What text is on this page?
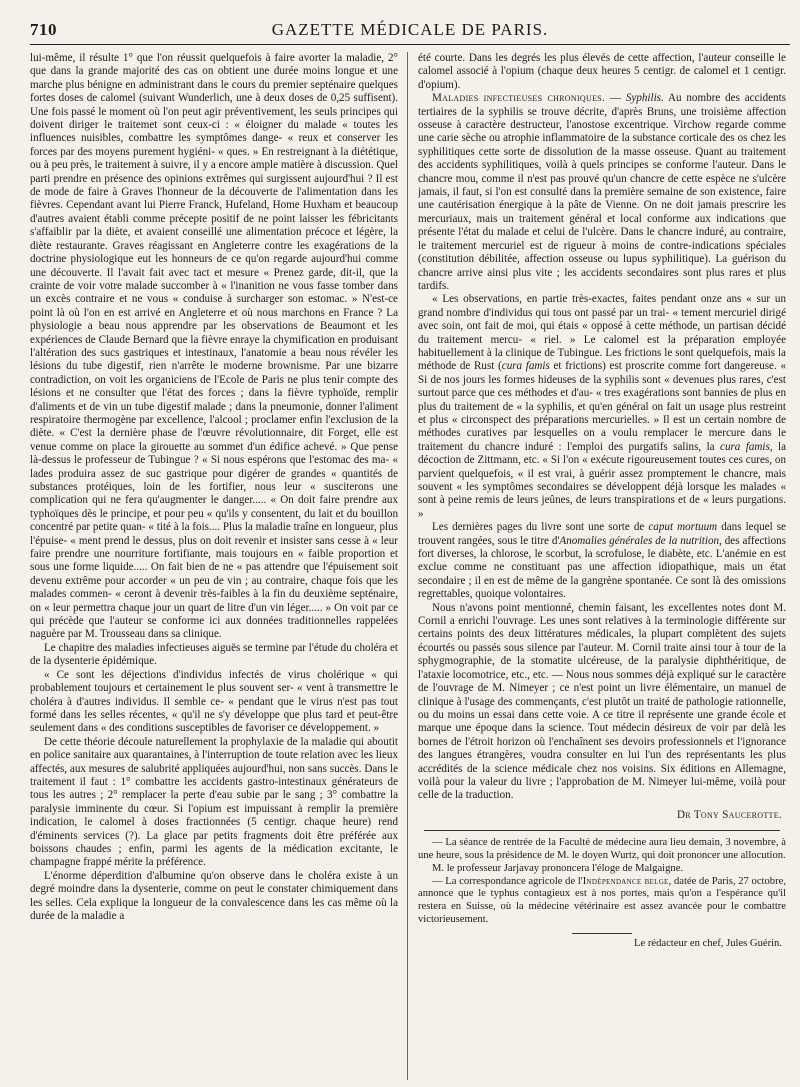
710	GAZETTE MÉDICALE DE PARIS.

lui-même, il résulte 1° que l'on réussit quelquefois à faire avorter la maladie, 2° que dans la grande majorité des cas on obtient une durée moins longue et une marche plus bénigne en administrant dans le cours du premier septénaire quelques fortes doses de calomel (suivant Wunderlich, une à deux doses de 0,25 suffisent). Une fois passé le moment où l'on peut agir préventivement, les seuls principes qui doivent diriger le traitemet sont ceux-ci : « éloigner du malade « toutes les influences nuisibles, combattre les symptômes dange- « reux et conserver les forces par des moyens purement hygiéni- « ques. » En restreignant à la diététique, ou à peu près, le traitement à suivre, il y a encore ample matière à discussion. Quel parti prendre en présence des opinions extrêmes qui surgissent aujourd'hui ? Il est de mode de faire à Graves l'honneur de la découverte de l'alimentation dans les fièvres. Cependant avant lui Pierre Franck, Hufeland, Home Huxham et beaucoup d'autres avaient établi comme précepte positif de ne point laisser les fébricitants s'affaiblir par la diète, et avaient conseillé une alimentation précoce et légère, la diète restaurante. Graves réagissant en Angleterre contre les exagérations de la doctrine physiologique eut les honneurs de ce qu'on regarde aujourd'hui comme une découverte. Il l'avait fait avec tact et mesure « Prenez garde, dit-il, que la crainte de voir votre malade succomber à « l'inanition ne vous fasse tomber dans un excès contraire et ne vous « conduise à surcharger son estomac. » N'est-ce point là où l'on en est arrivé en Angleterre et où nous marchons en France ? La physiologie a beau nous apprendre par les observations de Beaumont et les expériences de Claude Bernard que la fièvre enraye la chymification en produisant l'altération des sucs gastriques et intestinaux, l'anatomie a beau nous révéler les lésions du tube digestif, rien n'arrête le moderne brownisme. Par une bizarre contradiction, on voit les organiciens de l'Ecole de Paris ne plus tenir compte des lésions et ne consulter que l'état des forces ; dans la fièvre typhoïde, remplir d'aliments et de vin un tube digestif malade ; dans la pneumonie, donner l'aliment respiratoire thermogène par excellence, l'alcool ; proclamer enfin l'exclusion de la diète. « C'est la dernière phase de l'œuvre révolutionnaire, dit Forget, elle est venue comme on place la girouette au sommet d'un édifice achevé. » Que pense là-dessus le professeur de Tubingue ? « Si nous espérons que l'estomac des ma- « lades produira assez de suc gastrique pour digérer de grandes « quantités de substances protéiques, loin de les fortifier, nous leur « susciterons une complication qui ne fera qu'augmenter le danger..... « On doit faire prendre aux typhoïques dès le principe, et pour peu « qu'ils y consentent, du lait et du bouillon concentré par petite quan- « tité à la fois.... Plus la maladie traîne en longueur, plus l'épuise- « ment prend le dessus, plus on doit revenir et insister sans cesse à « leur faire prendre une nourriture fortifiante, mais toujours en « faible proportion et sous une forme liquide..... On fait bien de ne « pas attendre que l'épuisement soit devenu extrême pour accorder « un peu de vin ; au contraire, chaque fois que les malades commen- « ceront à devenir très-faibles à la fin du deuxième septénaire, on « leur permettra chaque jour un quart de litre d'un vin léger..... » On voit par ce qui précède que l'auteur se conforme ici aux données traditionnelles rappelées naguère par M. Trousseau dans sa clinique.

Le chapitre des maladies infectieuses aiguës se termine par l'étude du choléra et de la dysenterie épidémique.

« Ce sont les déjections d'individus infectés de virus cholérique « qui probablement toujours et certainement le plus souvent ser- « vent à transmettre le choléra à d'autres individus. Il semble ce- « pendant que le virus n'est pas tout formé dans les selles récentes, « qu'il ne s'y développe que plus tard et peut-être seulement dans « des conditions susceptibles de favoriser ce développement. »

De cette théorie découle naturellement la prophylaxie de la maladie qui aboutit en police sanitaire aux quarantaines, à l'interruption de toute relation avec les lieux affectés, aux mesures de salubrité appliquées aujourd'hui, non sans succès. Dans le traitement il faut : 1° combattre les accidents gastro-intestinaux générateurs de tous les autres ; 2° remplacer la perte d'eau subie par le sang ; 3° combattre la paralysie imminente du cœur. Si l'opium est impuissant à remplir la première indication, le calomel à doses fractionnées (5 centigr. chaque heure) rend d'éminents services (?). La glace par petits fragments doit être préférée aux boissons chaudes ; enfin, parmi les agents de la médication excitante, le champagne frappé mérite la préférence.

L'énorme déperdition d'albumine qu'on observe dans le choléra existe à un degré moindre dans la dysenterie, comme on peut le constater chimiquement dans les selles. Cela explique la longueur de la convalescence dans les cas même où la durée de la maladie a

été courte. Dans les degrés les plus élevés de cette affection, l'auteur conseille le calomel associé à l'opium (chaque deux heures 5 centigr. de calomel et 1 centigr. d'opium).

Maladies infectieuses chroniques. — Syphilis. Au nombre des accidents tertiaires de la syphilis se trouve décrite, d'après Bruns, une troisième affection osseuse à caractère destructeur, l'anostose excentrique. Virchow regarde comme une carie sèche ou atrophie inflammatoire de la substance corticale des os chez les syphilitiques cette sorte de dissolution de la masse osseuse. Quant au traitement des accidents syphilitiques, voilà à quels principes se conforme l'auteur. Dans le chancre mou, comme il n'est pas prouvé qu'un chancre de cette espèce ne s'ulcère jamais, il faut, si l'on est consulté dans la première semaine de son existence, faire une cautérisation énergique à la pâte de Vienne. On ne doit jamais prescrire les mercuriaux, mais un traitement général et local conforme aux indications que présente l'état du malade et celui de l'ulcère. Dans le chancre induré, au contraire, le traitement mercuriel est de rigueur à moins de contre-indications spéciales (constitution débilitée, affection osseuse ou lupus syphilitique). La guérison du chancre arrive ainsi plus vite ; les accidents secondaires sont plus rares et plus tardifs.

« Les observations, en partie très-exactes, faites pendant onze ans « sur un grand nombre d'individus qui tous ont passé par un trai- « tement mercuriel dirigé avec soin, ont fait de moi, qui étais « opposé à cette méthode, un partisan décidé du traitement mercu- « riel. » Le calomel est la préparation employée habituellement à la clinique de Tubingue. Les frictions le sont quelquefois, mais la méthode de Rust (cura famis et frictions) est proscrite comme fort dangereuse. « Si de nos jours les formes hideuses de la syphilis sont « devenues plus rares, c'est surtout parce que ces méthodes et d'au- « tres exagérations sont bannies de plus en plus du traitement de « la syphilis, et qu'en général on fait un usage plus restreint et plus « circonspect des préparations mercurielles. » Il est un certain nombre de méthodes curatives par lesquelles on a voulu remplacer le mercure dans le traitement du chancre induré : l'emploi des purgatifs salins, la cura famis, la décoction de Zittmann, etc. « Si l'on « exécute rigoureusement toutes ces cures, on parvient quelquefois, « il est vrai, à guérir assez promptement le chancre, mais souvent « les symptômes secondaires se développent déjà lorsque les malades « sont à peine remis de leurs jeûnes, de leurs transpirations et de « leurs purgations. »

Les dernières pages du livre sont une sorte de caput mortuum dans lequel se trouvent rangées, sous le titre d'Anomalies générales de la nutrition, des affections fort diverses, la chlorose, le scorbut, la scrofulose, le diabète, etc. L'anémie en est exclue comme ne constituant pas une affection idiopathique, mais un état secondaire ; il en est de même de la gangrène spontanée. Ce sont là des omissions regrettables, quoique volontaires.

Nous n'avons point mentionné, chemin faisant, les excellentes notes dont M. Cornil a enrichi l'ouvrage. Les unes sont relatives à la terminologie différente sur certains points des deux littératures médicales, la plupart complètent des sujets écourtés ou passés sous silence par l'auteur. M. Cornil traite ainsi tour à tour de la sphygmographie, de la stomatite ulcéreuse, de la paralysie diphthéritique, de l'ataxie locomotrice, etc., etc. — Nous nous sommes déjà expliqué sur le caractère de l'ouvrage de M. Nimeyer ; ce n'est point un livre élémentaire, un manuel de clinique à l'usage des commençants, c'est plutôt un traité de pathologie rationnelle, ou du moins un essai dans cette voie. A ce titre il représente une grande école et marque une époque dans la science. Tout médecin désireux de voir par delà les bornes de l'étroit horizon où l'enchaînent ses devoirs professionnels et l'ignorance des langues étrangères, voudra consulter en lui l'un des représentants les plus accrédités de la science médicale chez nos voisins. Six éditions en Allemagne, voilà pour la valeur du livre ; l'approbation de M. Nimeyer lui-même, voilà pour celle de la traduction.

Dr Tony Saucerotte.

— La séance de rentrée de la Faculté de médecine aura lieu demain, 3 novembre, à une heure, sous la présidence de M. le doyen Wurtz, qui doit prononcer une allocution.

M. le professeur Jarjavay prononcera l'éloge de Malgaigne.

— La correspondance agricole de l'Indépendance belge, datée de Paris, 27 octobre, annonce que le typhus contagieux est à nos portes, mais qu'on a l'espérance qu'il restera en Suisse, où la médecine vétérinaire est assez avancée pour le combattre victorieusement.

Le rédacteur en chef, Jules Guérin.
